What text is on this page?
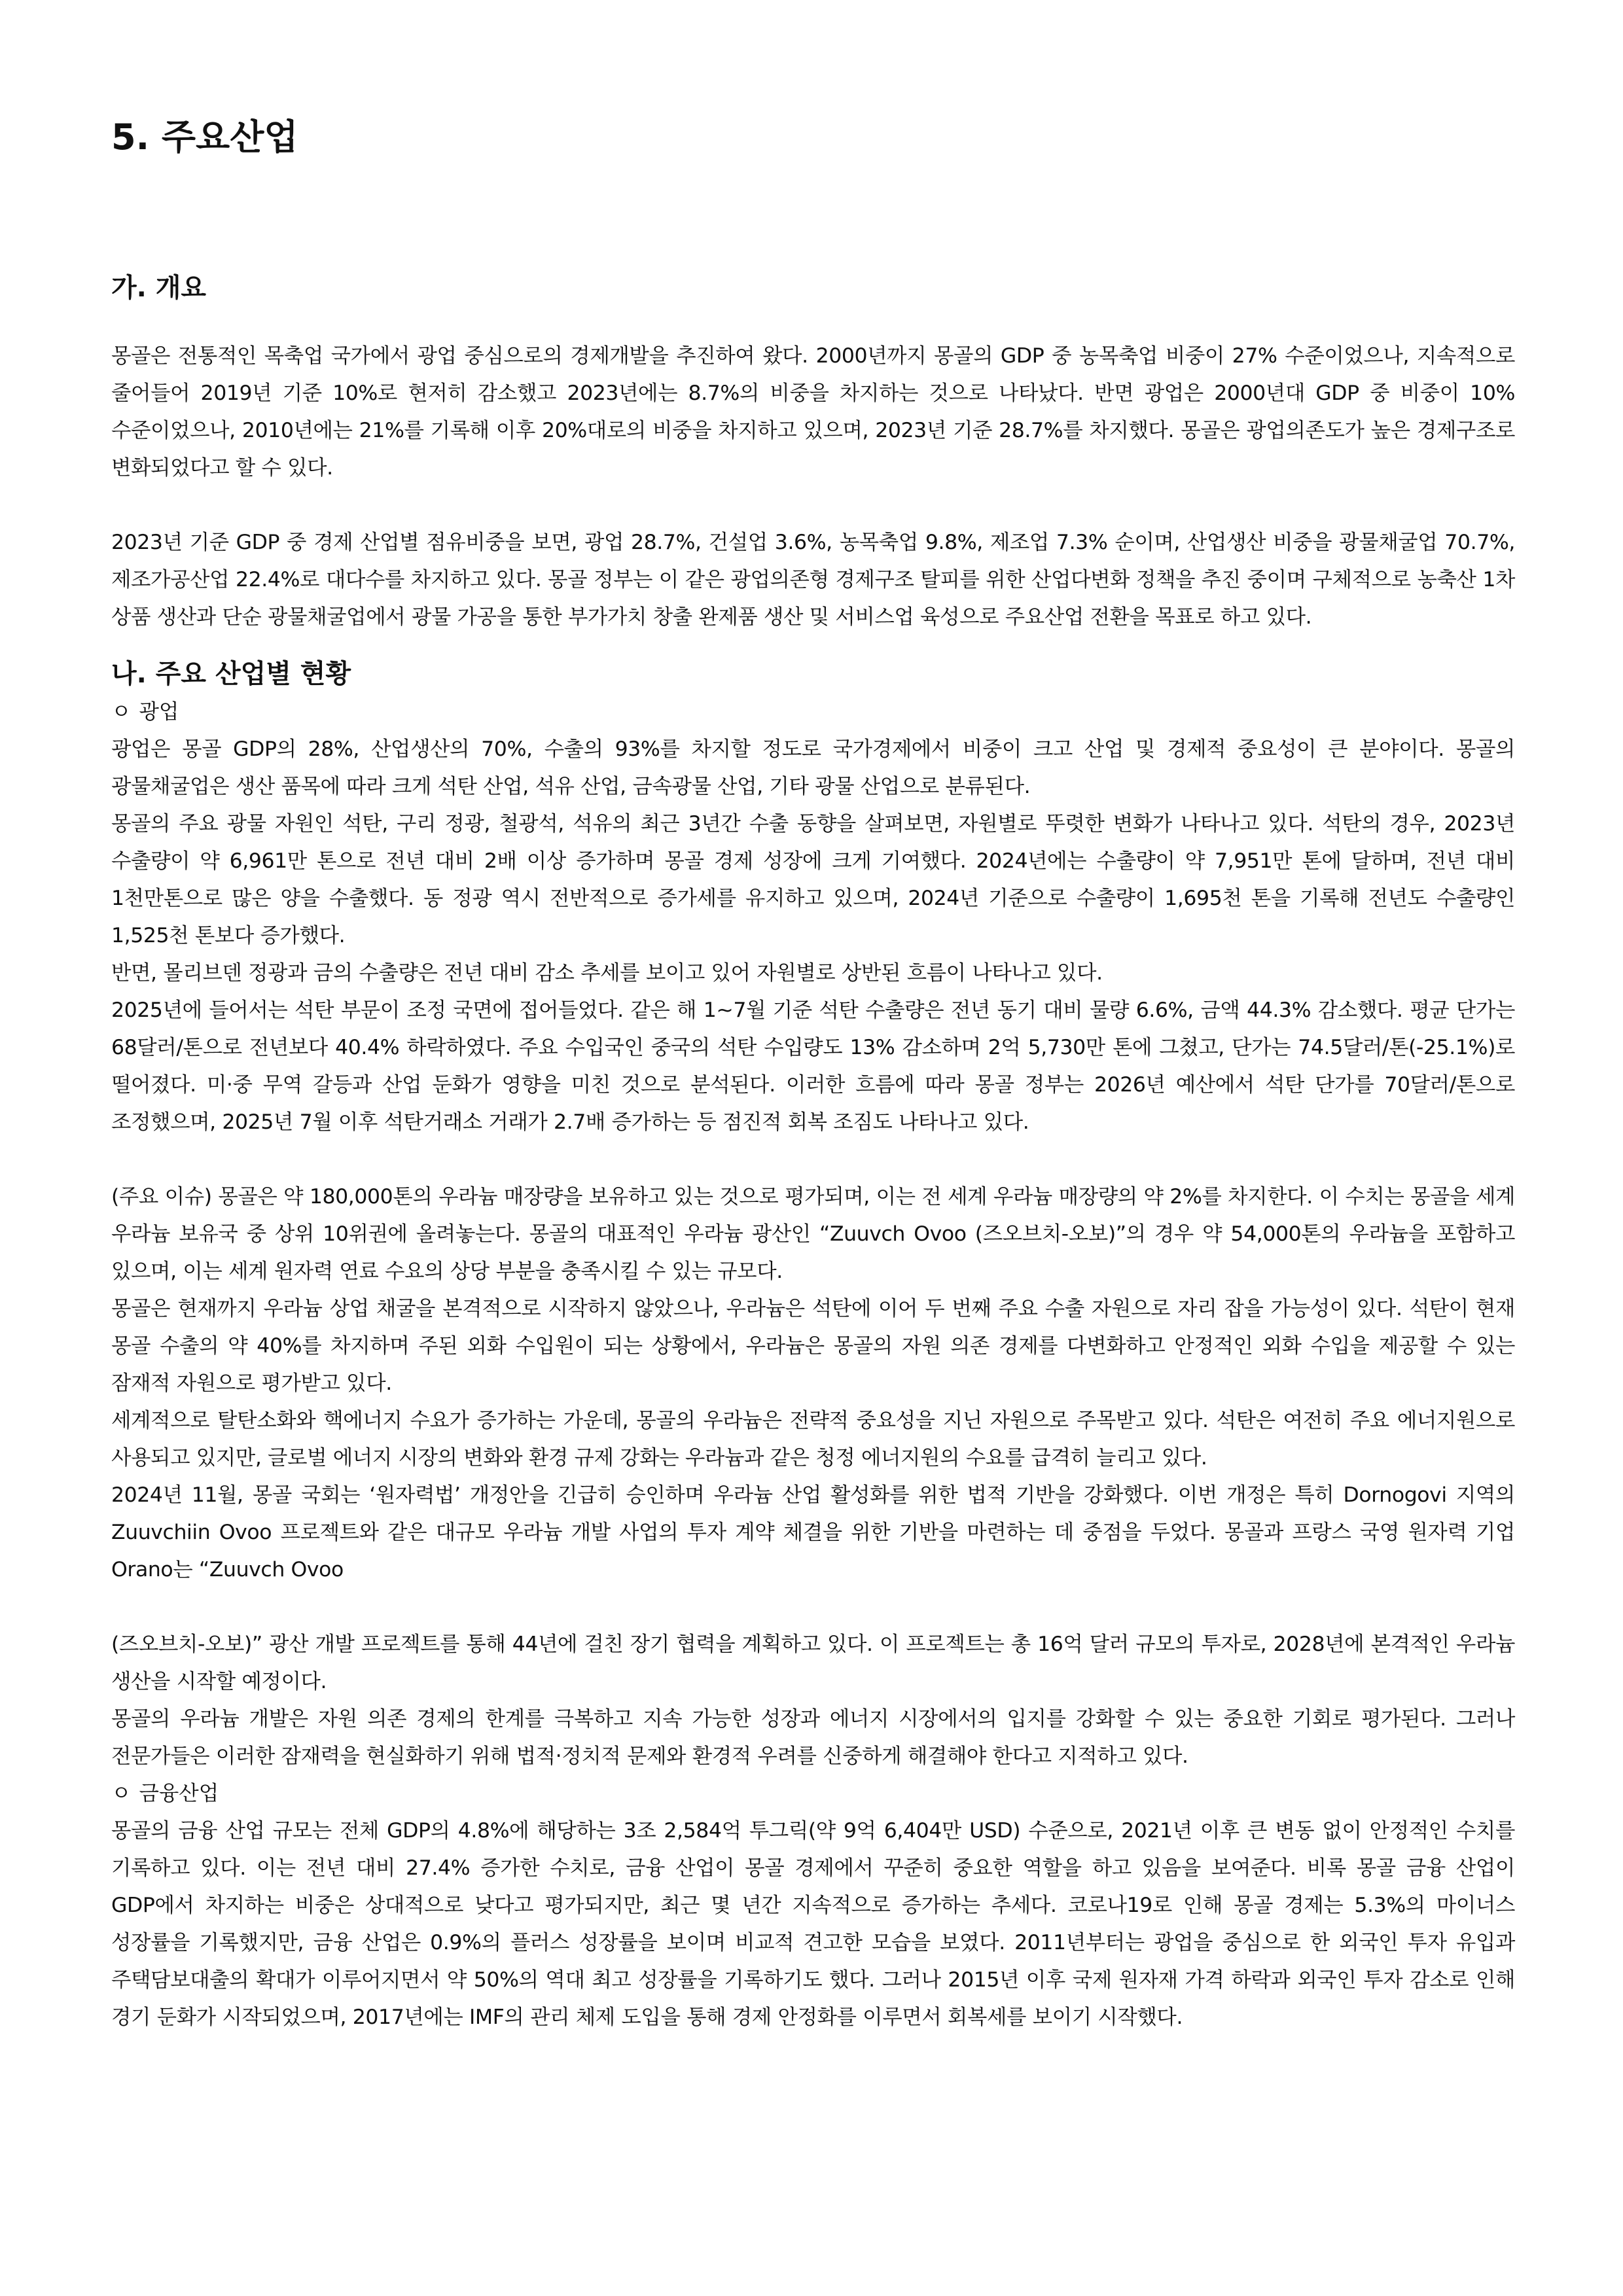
5. 주요산업
가. 개요

몽골은 전통적인 목축업 국가에서 광업 중심으로의 경제개발을 추진하여 왔다. 2000년까지 몽골의 GDP 중 농목축업 비중이 27% 수준이었으나, 지속적으로 줄어들어 2019년 기준 10%로 현저히 감소했고 2023년에는 8.7%의 비중을 차지하는 것으로 나타났다. 반면 광업은 2000년대 GDP 중 비중이 10% 수준이었으나, 2010년에는 21%를 기록해 이후 20%대로의 비중을 차지하고 있으며, 2023년 기준 28.7%를 차지했다. 몽골은 광업의존도가 높은 경제구조로 변화되었다고 할 수 있다.

2023년 기준 GDP 중 경제 산업별 점유비중을 보면, 광업 28.7%, 건설업 3.6%, 농목축업 9.8%, 제조업 7.3% 순이며, 산업생산 비중을 광물채굴업 70.7%, 제조가공산업 22.4%로 대다수를 차지하고 있다. 몽골 정부는 이 같은 광업의존형 경제구조 탈피를 위한 산업다변화 정책을 추진 중이며 구체적으로 농축산 1차 상품 생산과 단순 광물채굴업에서 광물 가공을 통한 부가가치 창출 완제품 생산 및 서비스업 육성으로 주요산업 전환을 목표로 하고 있다.

나. 주요 산업별 현황
ㅇ 광업

광업은 몽골 GDP의 28%, 산업생산의 70%, 수출의 93%를 차지할 정도로 국가경제에서 비중이 크고 산업 및 경제적 중요성이 큰 분야이다. 몽골의 광물채굴업은 생산 품목에 따라 크게 석탄 산업, 석유 산업, 금속광물 산업, 기타 광물 산업으로 분류된다.

몽골의 주요 광물 자원인 석탄, 구리 정광, 철광석, 석유의 최근 3년간 수출 동향을 살펴보면, 자원별로 뚜렷한 변화가 나타나고 있다. 석탄의 경우, 2023년 수출량이 약 6,961만 톤으로 전년 대비 2배 이상 증가하며 몽골 경제 성장에 크게 기여했다. 2024년에는 수출량이 약 7,951만 톤에 달하며, 전년 대비 1천만톤으로 많은 양을 수출했다. 동 정광 역시 전반적으로 증가세를 유지하고 있으며, 2024년 기준으로 수출량이 1,695천 톤을 기록해 전년도 수출량인 1,525천 톤보다 증가했다.

반면, 몰리브덴 정광과 금의 수출량은 전년 대비 감소 추세를 보이고 있어 자원별로 상반된 흐름이 나타나고 있다.

2025년에 들어서는 석탄 부문이 조정 국면에 접어들었다. 같은 해 1~7월 기준 석탄 수출량은 전년 동기 대비 물량 6.6%, 금액 44.3% 감소했다. 평균 단가는 68달러/톤으로 전년보다 40.4% 하락하였다. 주요 수입국인 중국의 석탄 수입량도 13% 감소하며 2억 5,730만 톤에 그쳤고, 단가는 74.5달러/톤(-25.1%)로 떨어졌다. 미·중 무역 갈등과 산업 둔화가 영향을 미친 것으로 분석된다. 이러한 흐름에 따라 몽골 정부는 2026년 예산에서 석탄 단가를 70달러/톤으로 조정했으며, 2025년 7월 이후 석탄거래소 거래가 2.7배 증가하는 등 점진적 회복 조짐도 나타나고 있다.

(주요 이슈) 몽골은 약 180,000톤의 우라늄 매장량을 보유하고 있는 것으로 평가되며, 이는 전 세계 우라늄 매장량의 약 2%를 차지한다. 이 수치는 몽골을 세계 우라늄 보유국 중 상위 10위권에 올려놓는다. 몽골의 대표적인 우라늄 광산인 “Zuuvch Ovoo (즈오브치-오보)”의 경우 약 54,000톤의 우라늄을 포함하고 있으며, 이는 세계 원자력 연료 수요의 상당 부분을 충족시킬 수 있는 규모다.

몽골은 현재까지 우라늄 상업 채굴을 본격적으로 시작하지 않았으나, 우라늄은 석탄에 이어 두 번째 주요 수출 자원으로 자리 잡을 가능성이 있다. 석탄이 현재 몽골 수출의 약 40%를 차지하며 주된 외화 수입원이 되는 상황에서, 우라늄은 몽골의 자원 의존 경제를 다변화하고 안정적인 외화 수입을 제공할 수 있는 잠재적 자원으로 평가받고 있다.

세계적으로 탈탄소화와 핵에너지 수요가 증가하는 가운데, 몽골의 우라늄은 전략적 중요성을 지닌 자원으로 주목받고 있다. 석탄은 여전히 주요 에너지원으로 사용되고 있지만, 글로벌 에너지 시장의 변화와 환경 규제 강화는 우라늄과 같은 청정 에너지원의 수요를 급격히 늘리고 있다.

2024년 11월, 몽골 국회는 ‘원자력법’ 개정안을 긴급히 승인하며 우라늄 산업 활성화를 위한 법적 기반을 강화했다. 이번 개정은 특히 Dornogovi 지역의 Zuuvchiin Ovoo 프로젝트와 같은 대규모 우라늄 개발 사업의 투자 계약 체결을 위한 기반을 마련하는 데 중점을 두었다. 몽골과 프랑스 국영 원자력 기업 Orano는 “Zuuvch Ovoo

(즈오브치-오보)” 광산 개발 프로젝트를 통해 44년에 걸친 장기 협력을 계획하고 있다. 이 프로젝트는 총 16억 달러 규모의 투자로, 2028년에 본격적인 우라늄 생산을 시작할 예정이다.

몽골의 우라늄 개발은 자원 의존 경제의 한계를 극복하고 지속 가능한 성장과 에너지 시장에서의 입지를 강화할 수 있는 중요한 기회로 평가된다. 그러나 전문가들은 이러한 잠재력을 현실화하기 위해 법적·정치적 문제와 환경적 우려를 신중하게 해결해야 한다고 지적하고 있다.

ㅇ 금융산업

몽골의 금융 산업 규모는 전체 GDP의 4.8%에 해당하는 3조 2,584억 투그릭(약 9억 6,404만 USD) 수준으로, 2021년 이후 큰 변동 없이 안정적인 수치를 기록하고 있다. 이는 전년 대비 27.4% 증가한 수치로, 금융 산업이 몽골 경제에서 꾸준히 중요한 역할을 하고 있음을 보여준다. 비록 몽골 금융 산업이 GDP에서 차지하는 비중은 상대적으로 낮다고 평가되지만, 최근 몇 년간 지속적으로 증가하는 추세다. 코로나19로 인해 몽골 경제는 5.3%의 마이너스 성장률을 기록했지만, 금융 산업은 0.9%의 플러스 성장률을 보이며 비교적 견고한 모습을 보였다. 2011년부터는 광업을 중심으로 한 외국인 투자 유입과 주택담보대출의 확대가 이루어지면서 약 50%의 역대 최고 성장률을 기록하기도 했다. 그러나 2015년 이후 국제 원자재 가격 하락과 외국인 투자 감소로 인해 경기 둔화가 시작되었으며, 2017년에는 IMF의 관리 체제 도입을 통해 경제 안정화를 이루면서 회복세를 보이기 시작했다.
